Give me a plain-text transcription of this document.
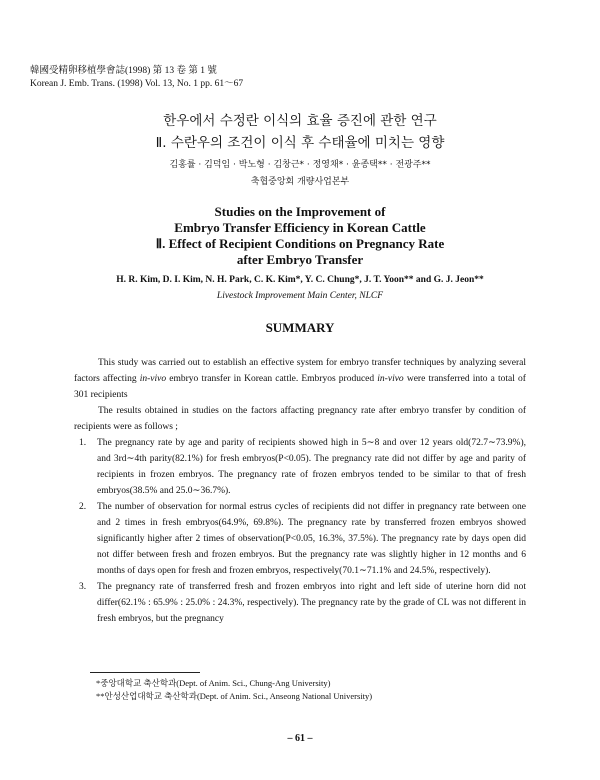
韓國受精卵移植學會誌(1998) 第 13 卷 第 1 號
Korean J. Emb. Trans. (1998) Vol. 13, No. 1 pp. 61～67
한우에서 수정란 이식의 효율 증진에 관한 연구
Ⅱ. 수란우의 조건이 이식 후 수태율에 미치는 영향
김홍률 · 김덕임 · 박노형 · 김창근* · 정영채* · 윤종택** · 전광주**
축협중앙회 개량사업본부
Studies on the Improvement of
Embryo Transfer Efficiency in Korean Cattle
Ⅱ. Effect of Recipient Conditions on Pregnancy Rate
after Embryo Transfer
H. R. Kim, D. I. Kim, N. H. Park, C. K. Kim*, Y. C. Chung*, J. T. Yoon** and G. J. Jeon**
Livestock Improvement Main Center, NLCF
SUMMARY

This study was carried out to establish an effective system for embryo transfer techniques by analyzing several factors affecting in-vivo embryo transfer in Korean cattle. Embryos produced in-vivo were transferred into a total of 301 recipients

The results obtained in studies on the factors affacting pregnancy rate after embryo transfer by condition of recipients were as follows ;

1. The pregnancy rate by age and parity of recipients showed high in 5∼8 and over 12 years old(72.7∼73.9%), and 3rd∼4th parity(82.1%) for fresh embryos(P<0.05). The pregnancy rate did not differ by age and parity of recipients in frozen embryos. The pregnancy rate of frozen embryos tended to be similar to that of fresh embryos(38.5% and 25.0∼36.7%).
2. The number of observation for normal estrus cycles of recipients did not differ in pregnancy rate between one and 2 times in fresh embryos(64.9%, 69.8%). The pregnancy rate by transferred frozen embryos showed significantly higher after 2 times of observation(P<0.05, 16.3%, 37.5%). The pregnancy rate by days open did not differ between fresh and frozen embryos. But the pregnancy rate was slightly higher in 12 months and 6 months of days open for fresh and frozen embryos, respectively(70.1∼71.1% and 24.5%, respectively).
3. The pregnancy rate of transferred fresh and frozen embryos into right and left side of uterine horn did not differ(62.1% : 65.9% : 25.0% : 24.3%, respectively). The pregnancy rate by the grade of CL was not different in fresh embryos, but the pregnancy
*중앙대학교 축산학과(Dept. of Anim. Sci., Chung-Ang University)
**안성산업대학교 축산학과(Dept. of Anim. Sci., Anseong National University)
– 61 –
